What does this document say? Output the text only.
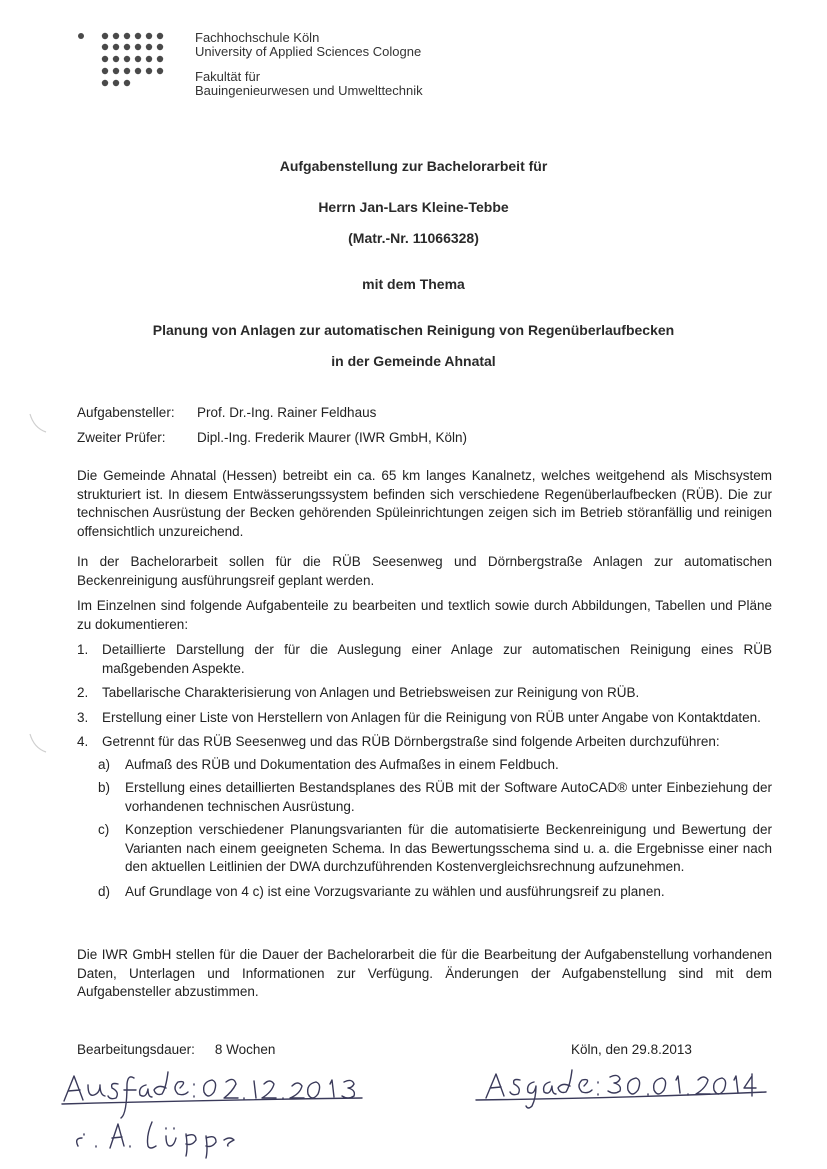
Fachhochschule Köln
University of Applied Sciences Cologne
Fakultät für
Bauingenieurwesen und Umwelttechnik
Aufgabenstellung zur Bachelorarbeit für
Herrn Jan-Lars Kleine-Tebbe
(Matr.-Nr. 11066328)
mit dem Thema
Planung von Anlagen zur automatischen Reinigung von Regenüberlaufbecken
in der Gemeinde Ahnatal
Aufgabensteller: Prof. Dr.-Ing. Rainer Feldhaus
Zweiter Prüfer: Dipl.-Ing. Frederik Maurer (IWR GmbH, Köln)
Die Gemeinde Ahnatal (Hessen) betreibt ein ca. 65 km langes Kanalnetz, welches weitgehend als Mischsystem strukturiert ist. In diesem Entwässerungssystem befinden sich verschiedene Regenüberlaufbecken (RÜB). Die zur technischen Ausrüstung der Becken gehörenden Spüleinrichtungen zeigen sich im Betrieb störanfällig und reinigen offensichtlich unzureichend.
In der Bachelorarbeit sollen für die RÜB Seesenweg und Dörnbergstraße Anlagen zur automatischen Beckenreinigung ausführungsreif geplant werden.
Im Einzelnen sind folgende Aufgabenteile zu bearbeiten und textlich sowie durch Abbildungen, Tabellen und Pläne zu dokumentieren:
1. Detaillierte Darstellung der für die Auslegung einer Anlage zur automatischen Reinigung eines RÜB maßgebenden Aspekte.
2. Tabellarische Charakterisierung von Anlagen und Betriebsweisen zur Reinigung von RÜB.
3. Erstellung einer Liste von Herstellern von Anlagen für die Reinigung von RÜB unter Angabe von Kontaktdaten.
4. Getrennt für das RÜB Seesenweg und das RÜB Dörnbergstraße sind folgende Arbeiten durchzuführen:
a) Aufmaß des RÜB und Dokumentation des Aufmaßes in einem Feldbuch.
b) Erstellung eines detaillierten Bestandsplanes des RÜB mit der Software AutoCAD® unter Einbeziehung der vorhandenen technischen Ausrüstung.
c) Konzeption verschiedener Planungsvarianten für die automatisierte Beckenreinigung und Bewertung der Varianten nach einem geeigneten Schema. In das Bewertungsschema sind u. a. die Ergebnisse einer nach den aktuellen Leitlinien der DWA durchzuführenden Kostenvergleichsrechnung aufzunehmen.
d) Auf Grundlage von 4 c) ist eine Vorzugsvariante zu wählen und ausführungsreif zu planen.
Die IWR GmbH stellen für die Dauer der Bachelorarbeit die für die Bearbeitung der Aufgabenstellung vorhandenen Daten, Unterlagen und Informationen zur Verfügung. Änderungen der Aufgabenstellung sind mit dem Aufgabensteller abzustimmen.
Bearbeitungsdauer: 8 Wochen	Köln, den 29.8.2013
